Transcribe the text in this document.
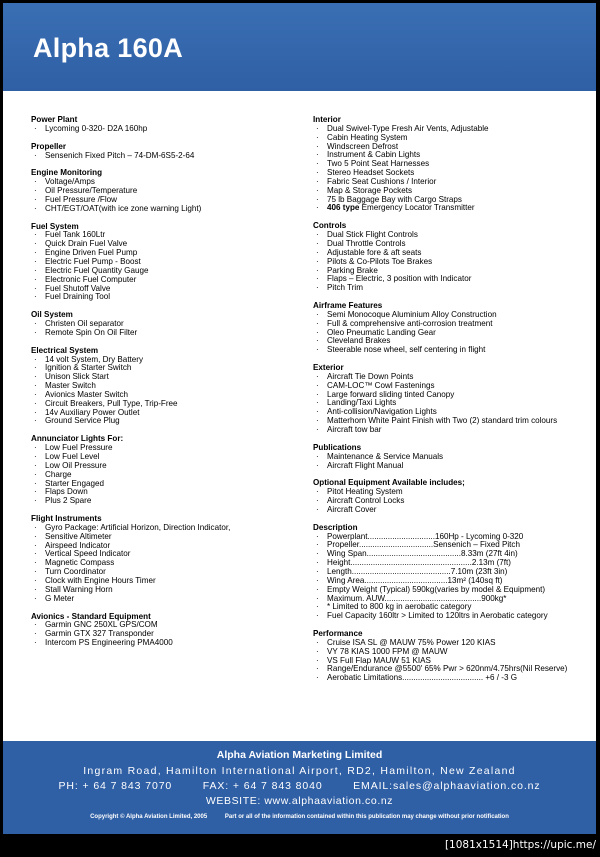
Alpha 160A
Power Plant
· Lycoming 0-320- D2A 160hp
Propeller
· Sensenich Fixed Pitch – 74-DM-6S5-2-64
Engine Monitoring
· Voltage/Amps
· Oil Pressure/Temperature
· Fuel Pressure /Flow
· CHT/EGT/OAT(with ice zone warning Light)
Fuel System
· Fuel Tank 160Ltr
· Quick Drain Fuel Valve
· Engine Driven Fuel Pump
· Electric Fuel Pump - Boost
· Electric Fuel Quantity Gauge
· Electronic Fuel Computer
· Fuel Shutoff Valve
· Fuel Draining Tool
Oil System
· Christen Oil separator
· Remote Spin On Oil Filter
Electrical System
· 14 volt System, Dry Battery
· Ignition & Starter Switch
· Unison Slick Start
· Master Switch
· Avionics Master Switch
· Circuit Breakers, Pull Type, Trip-Free
· 14v Auxiliary Power Outlet
· Ground Service Plug
Annunciator Lights For:
· Low Fuel Pressure
· Low Fuel Level
· Low Oil Pressure
· Charge
· Starter Engaged
· Flaps Down
· Plus 2 Spare
Flight Instruments
· Gyro Package: Artificial Horizon, Direction Indicator,
· Sensitive Altimeter
· Airspeed Indicator
· Vertical Speed Indicator
· Magnetic Compass
· Turn Coordinator
· Clock with Engine Hours Timer
· Stall Warning Horn
· G Meter
Avionics - Standard Equipment
· Garmin GNC 250XL GPS/COM
· Garmin GTX 327 Transponder
· Intercom PS Engineering PMA4000
Interior
· Dual Swivel-Type Fresh Air Vents, Adjustable
· Cabin Heating System
· Windscreen Defrost
· Instrument & Cabin Lights
· Two 5 Point Seat Harnesses
· Stereo Headset Sockets
· Fabric Seat Cushions / Interior
· Map & Storage Pockets
· 75 lb Baggage Bay with Cargo Straps
· 406 type Emergency Locator Transmitter
Controls
· Dual Stick Flight Controls
· Dual Throttle Controls
· Adjustable fore & aft seats
· Pilots & Co-Pilots Toe Brakes
· Parking Brake
· Flaps – Electric, 3 position with Indicator
· Pitch Trim
Airframe Features
· Semi Monocoque Aluminium Alloy Construction
· Full & comprehensive anti-corrosion treatment
· Oleo Pneumatic Landing Gear
· Cleveland Brakes
· Steerable nose wheel, self centering in flight
Exterior
· Aircraft Tie Down Points
· CAM-LOC™ Cowl Fastenings
· Large forward sliding tinted Canopy
· Landing/Taxi Lights
· Anti-collision/Navigation Lights
· Matterhorn White Paint Finish with Two (2) standard trim colours
· Aircraft tow bar
Publications
· Maintenance & Service Manuals
· Aircraft Flight Manual
Optional Equipment Available includes;
· Pitot Heating System
· Aircraft Control Locks
· Aircraft Cover
Description
· Powerplant..............................160Hp - Lycoming 0-320
· Propeller.................................Sensenich – Fixed Pitch
· Wing Span..........................................8.33m (27ft 4in)
· Height......................................................2.13m (7ft)
· Length............................................7.10m (23ft 3in)
· Wing Area.....................................13m² (140sq ft)
· Empty Weight (Typical) 590kg(varies by model & Equipment)
· Maximum. AUW...........................................900kg*
· * Limited to 800 kg in aerobatic category
· Fuel Capacity 160ltr > Limited to 120ltrs in Aerobatic category
Performance
· Cruise ISA SL @ MAUW 75% Power 120 KIAS
· VY 78 KIAS 1000 FPM @ MAUW
· VS Full Flap MAUW 51 KIAS
· Range/Endurance @5500' 65% Pwr > 620nm/4.75hrs(Nil Reserve)
· Aerobatic Limitations.................................... +6 / -3 G
Alpha Aviation Marketing Limited
Ingram Road, Hamilton International Airport, RD2, Hamilton, New Zealand
PH: + 64 7 843 7070	FAX: + 64 7 843 8040	EMAIL:sales@alphaaviation.co.nz
WEBSITE: www.alphaaviation.co.nz
Copyright © Alpha Aviation Limited, 2005	Part or all of the information contained within this publication may change without prior notification
[1081x1514]https://upic.me/
